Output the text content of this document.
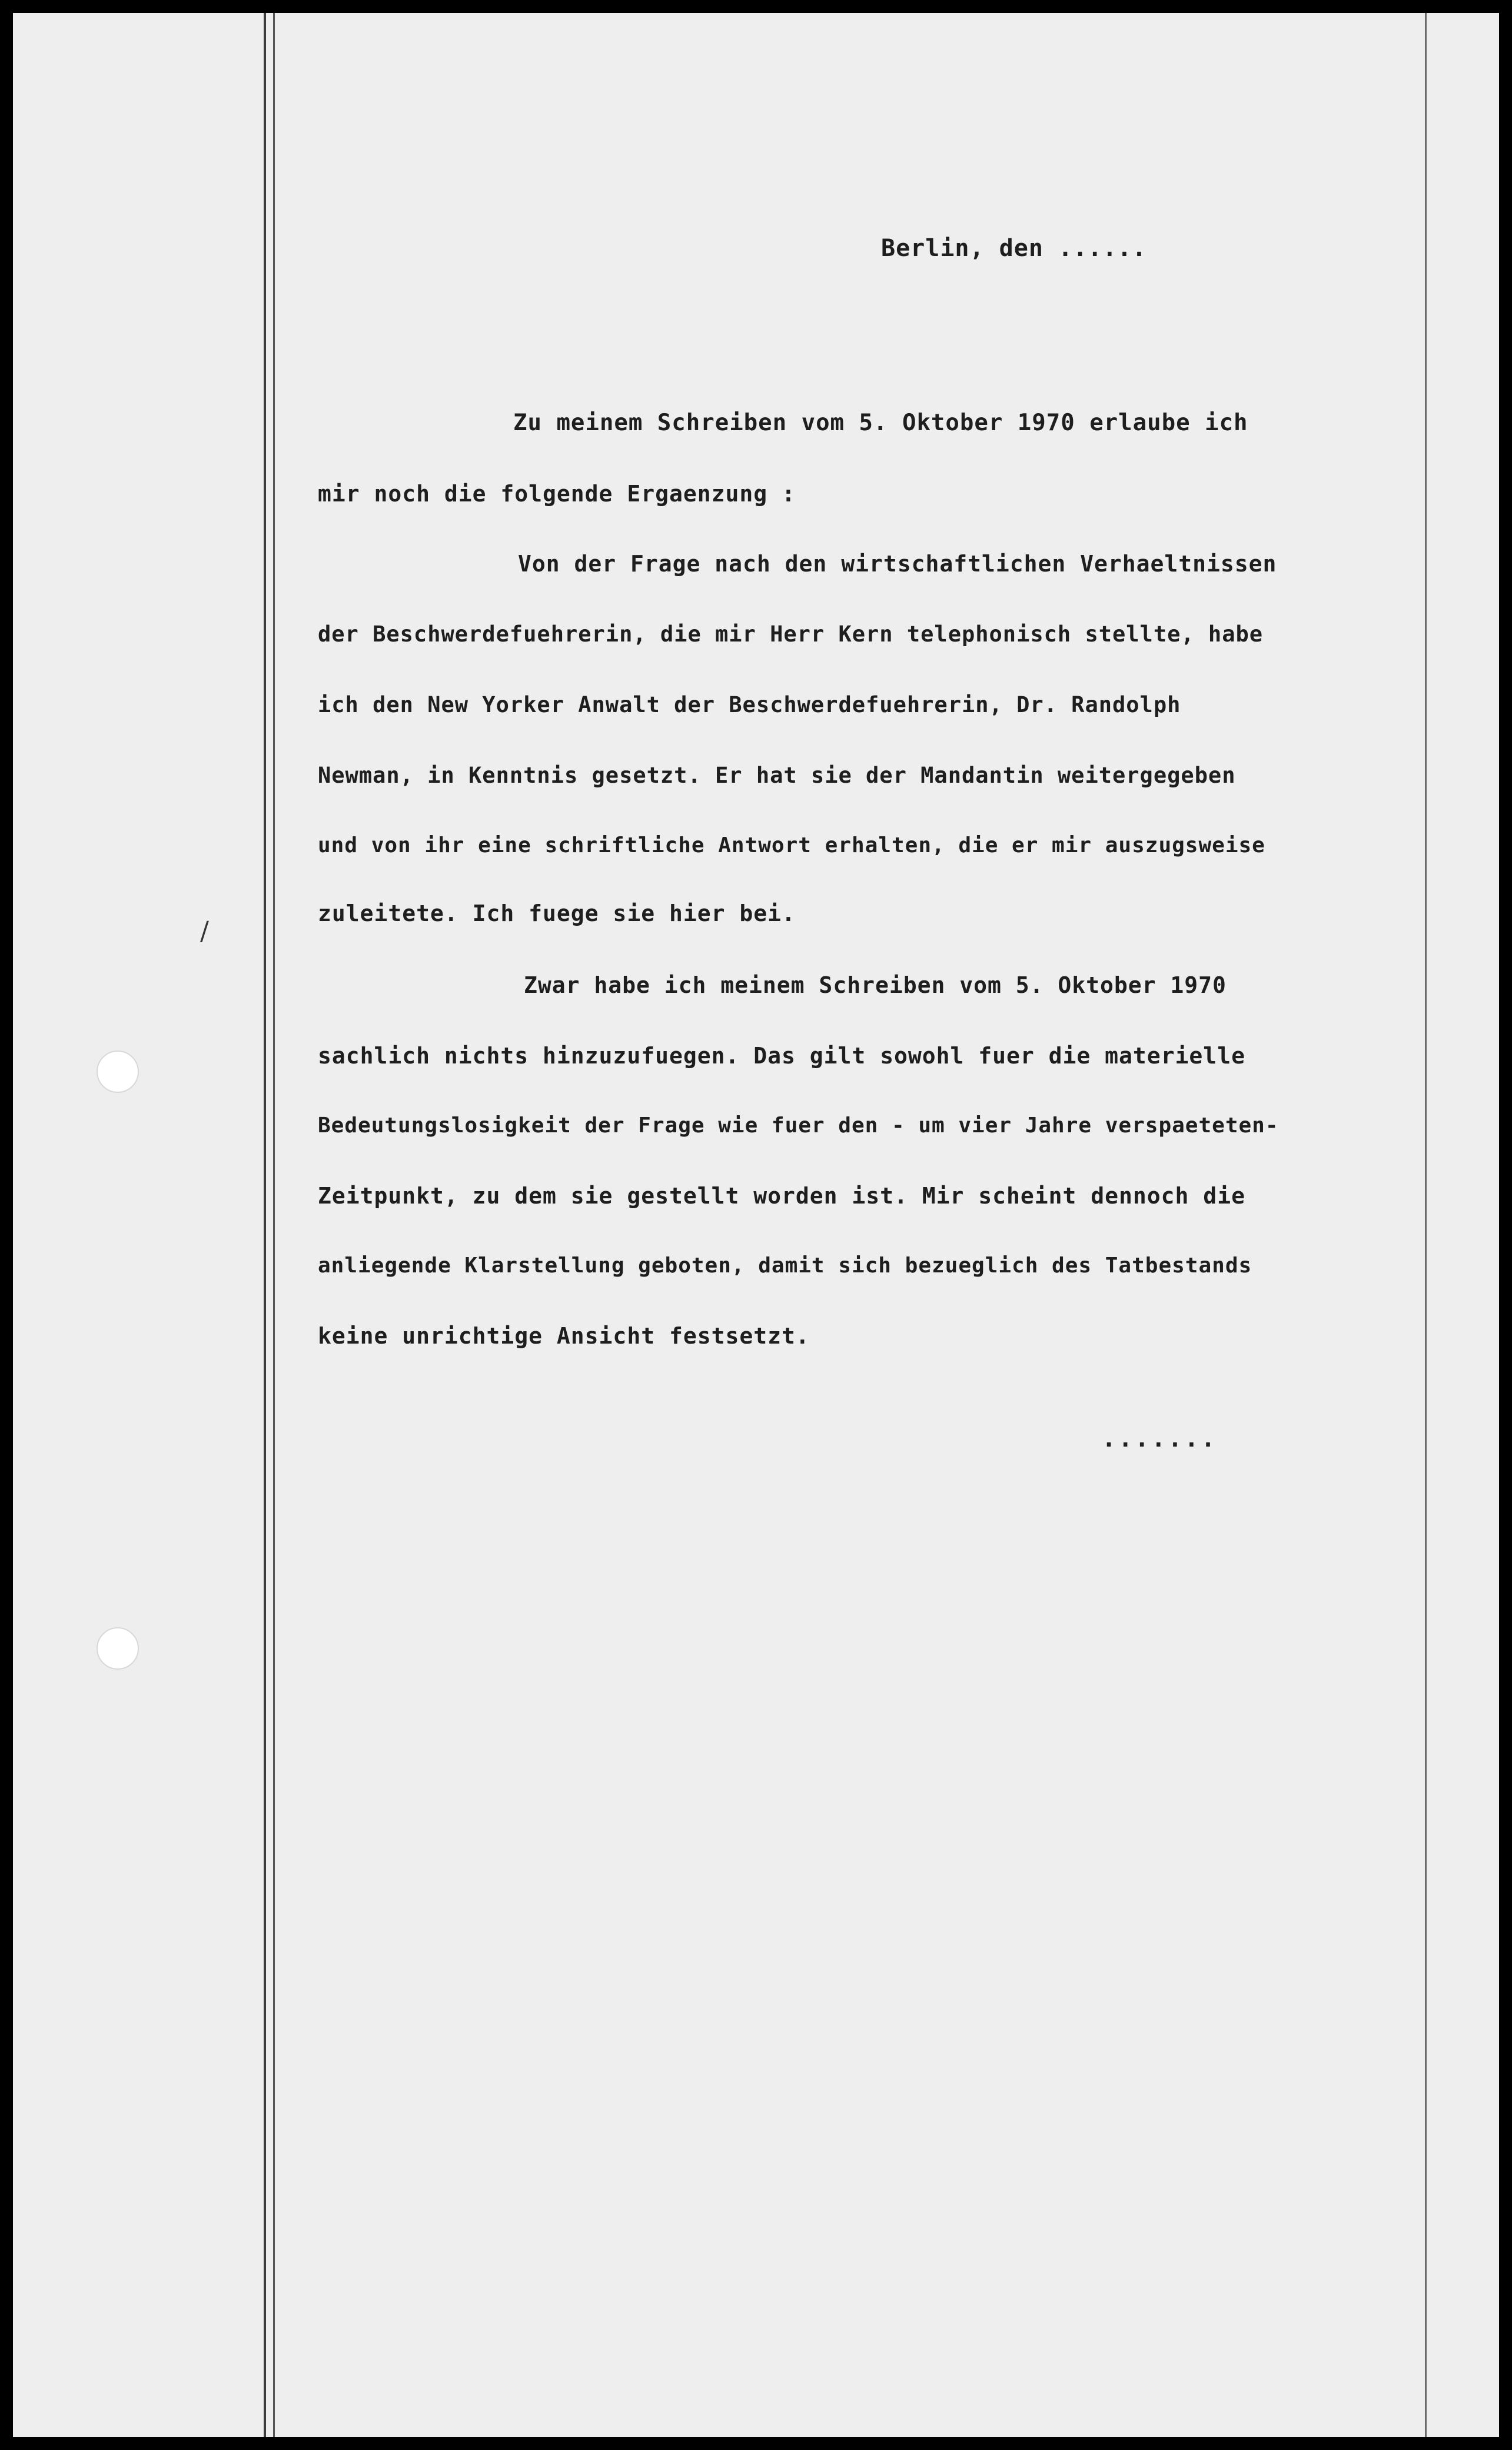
Berlin, den ......
Zu meinem Schreiben vom 5. Oktober 1970 erlaube ich
mir noch die folgende Ergaenzung :
Von der Frage nach den wirtschaftlichen Verhaeltnissen
der Beschwerdefuehrerin, die mir Herr Kern telephonisch stellte, habe
ich den New Yorker Anwalt der Beschwerdefuehrerin, Dr. Randolph
Newman, in Kenntnis gesetzt. Er hat sie der Mandantin weitergegeben
und von ihr eine schriftliche Antwort erhalten, die er mir auszugsweise
zuleitete. Ich fuege sie hier bei.
/
Zwar habe ich meinem Schreiben vom 5. Oktober 1970
sachlich nichts hinzuzufuegen. Das gilt sowohl fuer die materielle
Bedeutungslosigkeit der Frage wie fuer den - um vier Jahre verspaeteten-
Zeitpunkt, zu dem sie gestellt worden ist. Mir scheint dennoch die
anliegende Klarstellung geboten, damit sich bezueglich des Tatbestands
keine unrichtige Ansicht festsetzt.
.......
